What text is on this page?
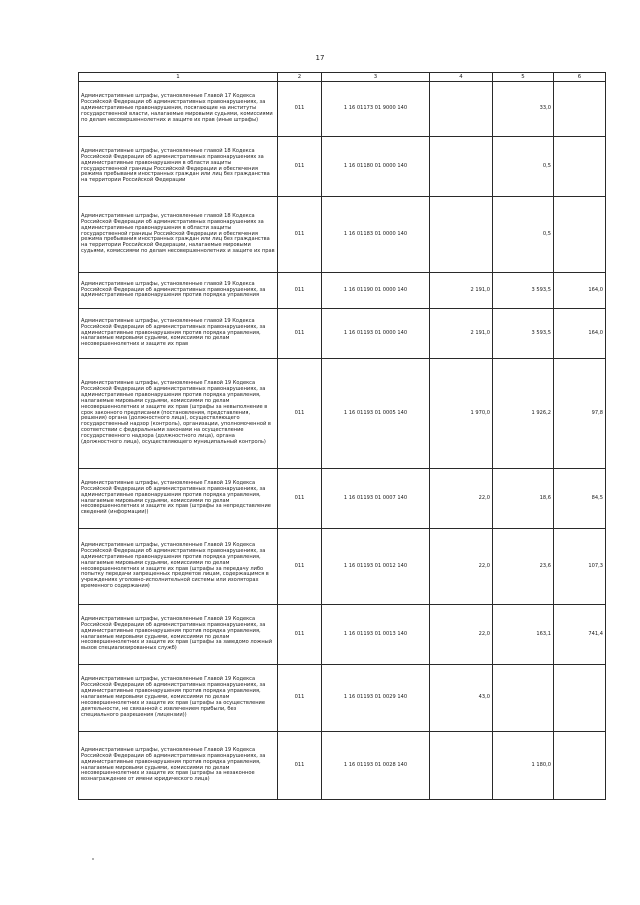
17
1	2	3	4	5	6
Административные штрафы, установленные Главой 17 Кодекса Российской Федерации об административных правонарушениях, за административные правонарушения, посягающие на институты государственной власти, налагаемые мировыми судьями, комиссиями по делам несовершеннолетних и защите их прав (иные штрафы)	011	1 16 01173 01 9000 140		33,0	
Административные штрафы, установленные главой 18 Кодекса Российской Федерации об административных правонарушениях за административные правонарушения в области защиты государственной границы Российской Федерации и обеспечения режима пребывания иностранных граждан или лиц без гражданства на территории Российской Федерации	011	1 16 01180 01 0000 140		0,5	
Административные штрафы, установленные главой 18 Кодекса Российской Федерации об административных правонарушениях за административные правонарушения в области защиты государственной границы Российской Федерации и обеспечения режима пребывания иностранных граждан или лиц без гражданства на территории Российской Федерации, налагаемые мировыми судьями, комиссиями по делам несовершеннолетних и защите их прав	011	1 16 01183 01 0000 140		0,5	
Административные штрафы, установленные главой 19 Кодекса Российской Федерации об административных правонарушениях, за административные правонарушения против порядка управления	011	1 16 01190 01 0000 140	2 191,0	3 593,5	164,0
Административные штрафы, установленные главой 19 Кодекса Российской Федерации об административных правонарушениях, за административные правонарушения против порядка управления, налагаемые мировыми судьями, комиссиями по делам несовершеннолетних и защите их прав	011	1 16 01193 01 0000 140	2 191,0	3 593,5	164,0
Административные штрафы, установленные Главой 19 Кодекса Российской Федерации об административных правонарушениях, за административные правонарушения против порядка управления, налагаемые мировыми судьями, комиссиями по делам несовершеннолетних и защите их прав (штрафы за невыполнение в срок законного предписания (постановления, представления, решения) органа (должностного лица), осуществляющего государственный надзор (контроль), организации, уполномоченной в соответствии с федеральными законами на осуществление государственного надзора (должностного лица), органа (должностного лица), осуществляющего муниципальный контроль)	011	1 16 01193 01 0005 140	1 970,0	1 926,2	97,8
Административные штрафы, установленные Главой 19 Кодекса Российской Федерации об административных правонарушениях, за административные правонарушения против порядка управления, налагаемые мировыми судьями, комиссиями по делам несовершеннолетних и защите их прав (штрафы за непредставление сведений (информации))	011	1 16 01193 01 0007 140	22,0	18,6	84,5
Административные штрафы, установленные Главой 19 Кодекса Российской Федерации об административных правонарушениях, за административные правонарушения против порядка управления, налагаемые мировыми судьями, комиссиями по делам несовершеннолетних и защите их прав (штрафы за передачу либо попытку передачи запрещенных предметов лицам, содержащимся в учреждениях уголовно-исполнительной системы или изоляторах временного содержания)	011	1 16 01193 01 0012 140	22,0	23,6	107,3
Административные штрафы, установленные Главой 19 Кодекса Российской Федерации об административных правонарушениях, за административные правонарушения против порядка управления, налагаемые мировыми судьями, комиссиями по делам несовершеннолетних и защите их прав (штрафы за заведомо ложный вызов специализированных служб)	011	1 16 01193 01 0013 140	22,0	163,1	741,4
Административные штрафы, установленные Главой 19 Кодекса Российской Федерации об административных правонарушениях, за административные правонарушения против порядка управления, налагаемые мировыми судьями, комиссиями по делам несовершеннолетних и защите их прав (штрафы за осуществление деятельности, не связанной с извлечением прибыли, без специального разрешения (лицензии))	011	1 16 01193 01 0029 140	43,0		
Административные штрафы, установленные Главой 19 Кодекса Российской Федерации об административных правонарушениях, за административные правонарушения против порядка управления, налагаемые мировыми судьями, комиссиями по делам несовершеннолетних и защите их прав (штрафы за незаконное вознаграждение от имени юридического лица)	011	1 16 01193 01 0028 140		1 180,0	
